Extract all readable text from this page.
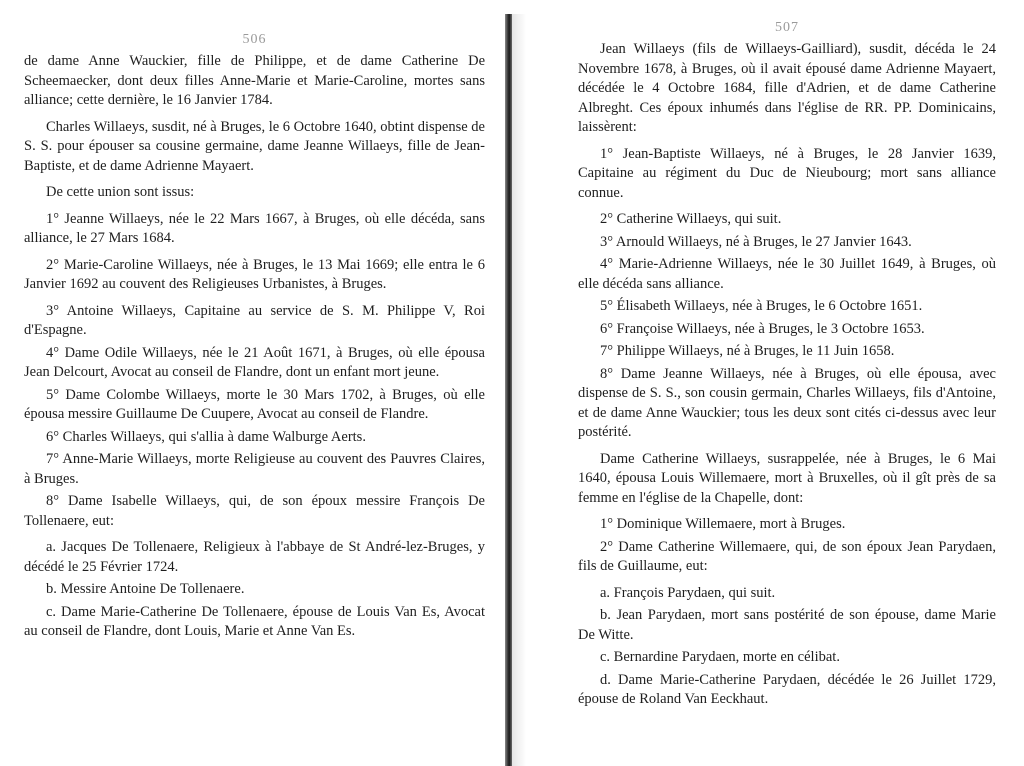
506

de dame Anne Wauckier, fille de Philippe, et de dame Catherine De Scheemaecker, dont deux filles Anne-Marie et Marie-Caroline, mortes sans alliance; cette dernière, le 16 Janvier 1784.

Charles Willaeys, susdit, né à Bruges, le 6 Octobre 1640, obtint dispense de S. S. pour épouser sa cousine germaine, dame Jeanne Willaeys, fille de Jean-Baptiste, et de dame Adrienne Mayaert.

De cette union sont issus:

1° Jeanne Willaeys, née le 22 Mars 1667, à Bruges, où elle décéda, sans alliance, le 27 Mars 1684.

2° Marie-Caroline Willaeys, née à Bruges, le 13 Mai 1669; elle entra le 6 Janvier 1692 au couvent des Religieuses Urbanistes, à Bruges.

3° Antoine Willaeys, Capitaine au service de S. M. Philippe V, Roi d'Espagne.

4° Dame Odile Willaeys, née le 21 Août 1671, à Bruges, où elle épousa Jean Delcourt, Avocat au conseil de Flandre, dont un enfant mort jeune.

5° Dame Colombe Willaeys, morte le 30 Mars 1702, à Bruges, où elle épousa messire Guillaume De Cuupere, Avocat au conseil de Flandre.

6° Charles Willaeys, qui s'allia à dame Walburge Aerts.

7° Anne-Marie Willaeys, morte Religieuse au couvent des Pauvres Claires, à Bruges.

8° Dame Isabelle Willaeys, qui, de son époux messire François De Tollenaere, eut:

a. Jacques De Tollenaere, Religieux à l'abbaye de St André-lez-Bruges, y décédé le 25 Février 1724.

b. Messire Antoine De Tollenaere.

c. Dame Marie-Catherine De Tollenaere, épouse de Louis Van Es, Avocat au conseil de Flandre, dont Louis, Marie et Anne Van Es.

507

Jean Willaeys (fils de Willaeys-Gailliard), susdit, décéda le 24 Novembre 1678, à Bruges, où il avait épousé dame Adrienne Mayaert, décédée le 4 Octobre 1684, fille d'Adrien, et de dame Catherine Albreght. Ces époux inhumés dans l'église de RR. PP. Dominicains, laissèrent:

1° Jean-Baptiste Willaeys, né à Bruges, le 28 Janvier 1639, Capitaine au régiment du Duc de Nieubourg; mort sans alliance connue.

2° Catherine Willaeys, qui suit.

3° Arnould Willaeys, né à Bruges, le 27 Janvier 1643.

4° Marie-Adrienne Willaeys, née le 30 Juillet 1649, à Bruges, où elle décéda sans alliance.

5° Élisabeth Willaeys, née à Bruges, le 6 Octobre 1651.

6° Françoise Willaeys, née à Bruges, le 3 Octobre 1653.

7° Philippe Willaeys, né à Bruges, le 11 Juin 1658.

8° Dame Jeanne Willaeys, née à Bruges, où elle épousa, avec dispense de S. S., son cousin germain, Charles Willaeys, fils d'Antoine, et de dame Anne Wauckier; tous les deux sont cités ci-dessus avec leur postérité.

Dame Catherine Willaeys, susrappelée, née à Bruges, le 6 Mai 1640, épousa Louis Willemaere, mort à Bruxelles, où il gît près de sa femme en l'église de la Chapelle, dont:

1° Dominique Willemaere, mort à Bruges.

2° Dame Catherine Willemaere, qui, de son époux Jean Parydaen, fils de Guillaume, eut:

a. François Parydaen, qui suit.

b. Jean Parydaen, mort sans postérité de son épouse, dame Marie De Witte.

c. Bernardine Parydaen, morte en célibat.

d. Dame Marie-Catherine Parydaen, décédée le 26 Juillet 1729, épouse de Roland Van Eeckhaut.
